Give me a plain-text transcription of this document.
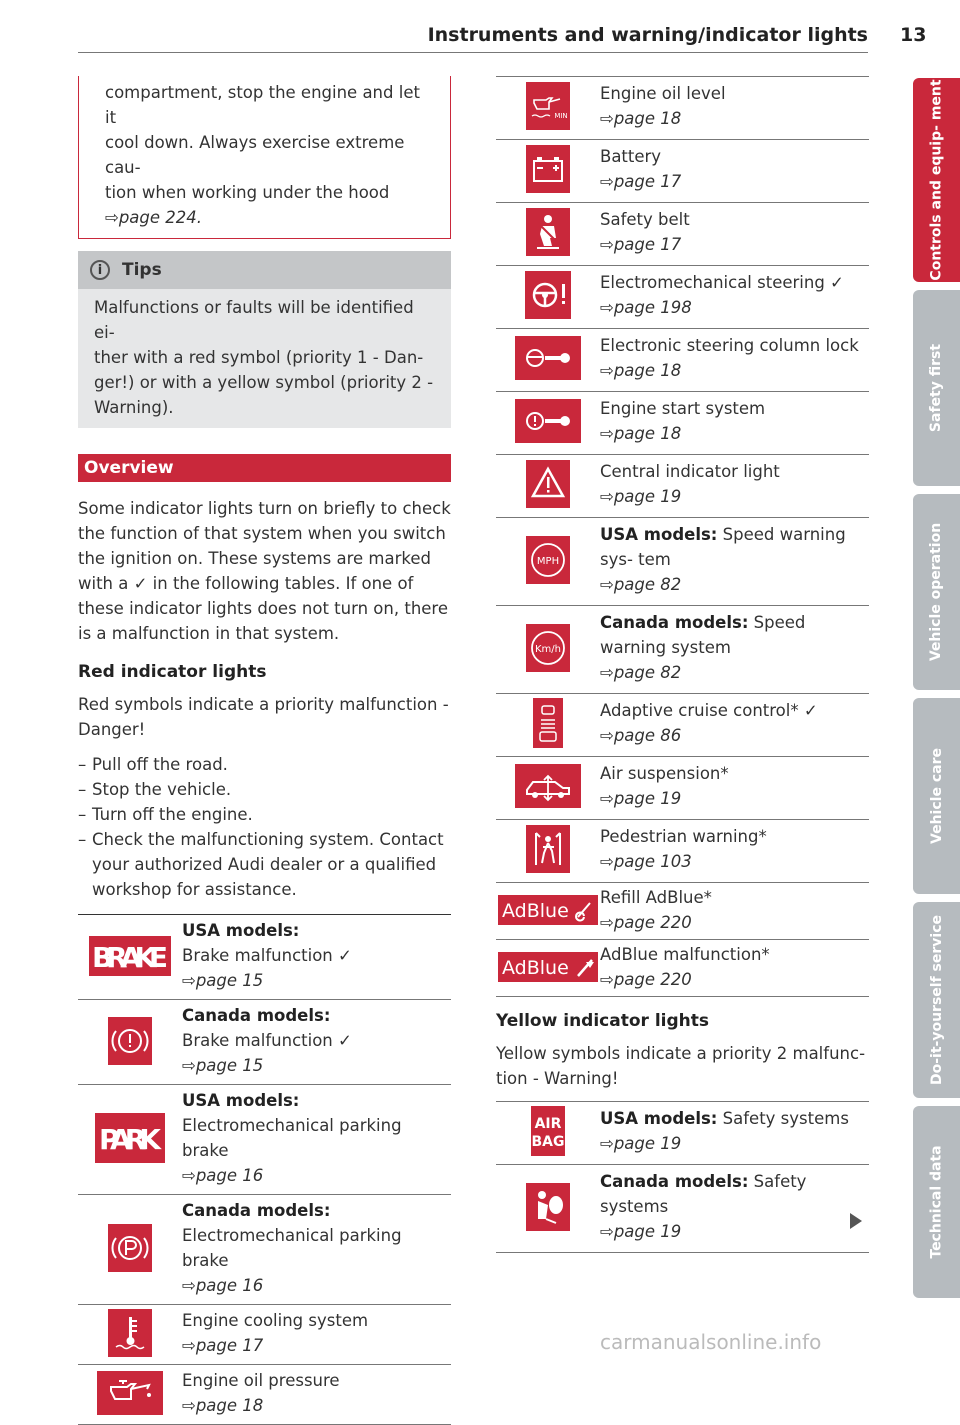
Instruments and warning/indicator lights 13
compartment, stop the engine and let it
cool down. Always exercise extreme cau-
tion when working under the hood
⇨page 224.
i	Tips
Malfunctions or faults will be identified ei-
ther with a red symbol (priority 1 - Dan-
ger!) or with a yellow symbol (priority 2 -
Warning).
Overview
Some indicator lights turn on briefly to check
the function of that system when you switch
the ignition on. These systems are marked
with a ✓ in the following tables. If one of
these indicator lights does not turn on, there
is a malfunction in that system.
Red indicator lights
Red symbols indicate a priority malfunction -
Danger!
– Pull off the road.
– Stop the vehicle.
– Turn off the engine.
– Check the malfunctioning system. Contact your authorized Audi dealer or a qualified workshop for assistance.
BRAKE
USA models:
Brake malfunction ✓
⇨page 15
Canada models:
Brake malfunction ✓
⇨page 15
PARK
USA models:
Electromechanical parking brake
⇨page 16
Canada models:
Electromechanical parking brake
⇨page 16
Engine cooling system
⇨page 17
Engine oil pressure
⇨page 18
MIN
Engine oil level
⇨page 18
Battery
⇨page 17
Safety belt
⇨page 17
Electromechanical steering ✓
⇨page 198
Electronic steering column lock
⇨page 18
Engine start system
⇨page 18
Central indicator light
⇨page 19
MPH
USA models: Speed warning sys- tem
⇨page 82
Km/h
Canada models: Speed warning system
⇨page 82
Adaptive cruise control* ✓
⇨page 86
Air suspension*
⇨page 19
Pedestrian warning*
⇨page 103
AdBlue
Refill AdBlue*
⇨page 220
AdBlue
AdBlue malfunction*
⇨page 220
Yellow indicator lights
Yellow symbols indicate a priority 2 malfunc-
tion - Warning!
AIR
BAG
USA models: Safety systems
⇨page 19
Canada models: Safety systems
⇨page 19
Controls and equip- ment
Safety first
Vehicle operation
Vehicle care
Do-it-yourself service
Technical data
carmanualsonline.info
